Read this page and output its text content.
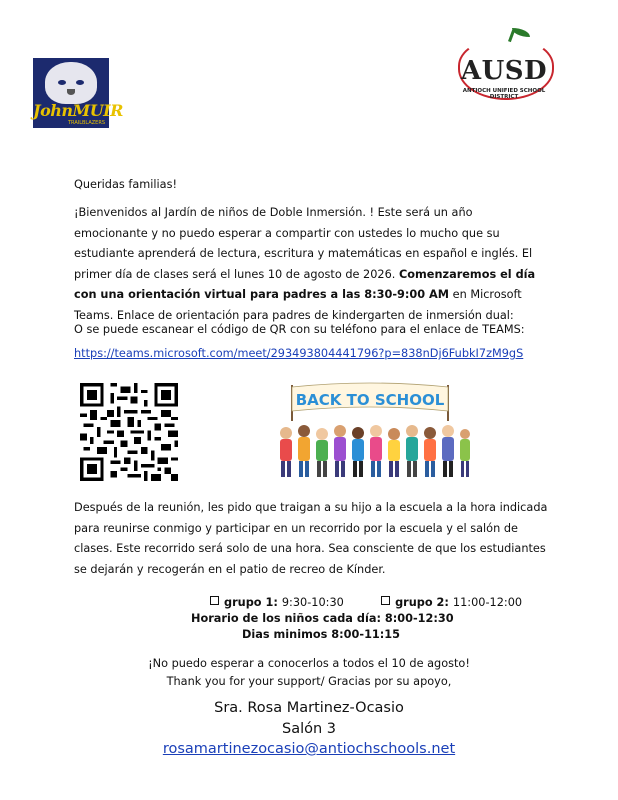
JohnMUIR
TRAILBLAZERS
AUSD
ANTIOCH UNIFIED SCHOOL DISTRICT
Queridas familias!
¡Bienvenidos al Jardín de niños de Doble Inmersión. ! Este será un año emocionante y no puedo esperar a compartir con ustedes lo mucho que su estudiante aprenderá de lectura, escritura y matemáticas en español e inglés. El primer día de clases será el lunes 10 de agosto de 2026. Comenzaremos el día con una orientación virtual para padres a las 8:30-9:00 AM en Microsoft Teams. Enlace de orientación para padres de kindergarten de inmersión dual:
O se puede escanear el código de QR con su teléfono para el enlace de TEAMS:
https://teams.microsoft.com/meet/293493804441796?p=838nDj6FubkI7zM9gS
BACK TO SCHOOL
Después de la reunión, les pido que traigan a su hijo a la escuela a la hora indicada para reunirse conmigo y participar en un recorrido por la escuela y el salón de clases. Este recorrido será solo de una hora. Sea consciente de que los estudiantes se dejarán y recogerán en el patio de recreo de Kínder.
grupo 1: 9:30-10:30	grupo 2: 11:00-12:00
Horario de los niños cada día: 8:00-12:30
Dias minimos 8:00-11:15
¡No puedo esperar a conocerlos a todos el 10 de agosto!
Thank you for your support/ Gracias por su apoyo,
Sra. Rosa Martinez-Ocasio
Salón 3
rosamartinezocasio@antiochschools.net
